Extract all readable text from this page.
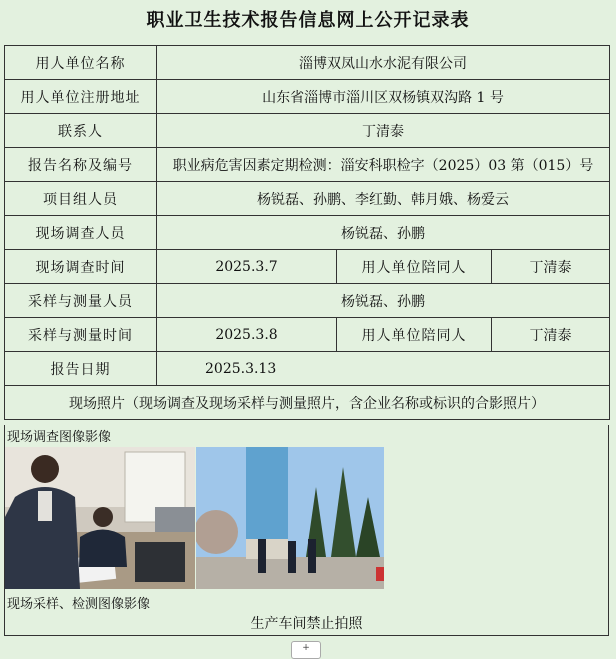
职业卫生技术报告信息网上公开记录表
用人单位名称	淄博双凤山水水泥有限公司		
用人单位注册地址	山东省淄博市淄川区双杨镇双沟路 1 号		
联系人	丁清泰		
报告名称及编号	职业病危害因素定期检测：淄安科职检字（2025）03 第（015）号		
项目组人员	杨锐磊、孙鹏、李红勤、韩月娥、杨爱云		
现场调查人员	杨锐磊、孙鹏		
现场调查时间	2025.3.7	用人单位陪同人	丁清泰
采样与测量人员	杨锐磊、孙鹏		
采样与测量时间	2025.3.8	用人单位陪同人	丁清泰
报告日期	2025.3.13		
现场照片（现场调查及现场采样与测量照片，含企业名称或标识的合影照片）			
现场调查图像影像
现场采样、检测图像影像
生产车间禁止拍照
+
